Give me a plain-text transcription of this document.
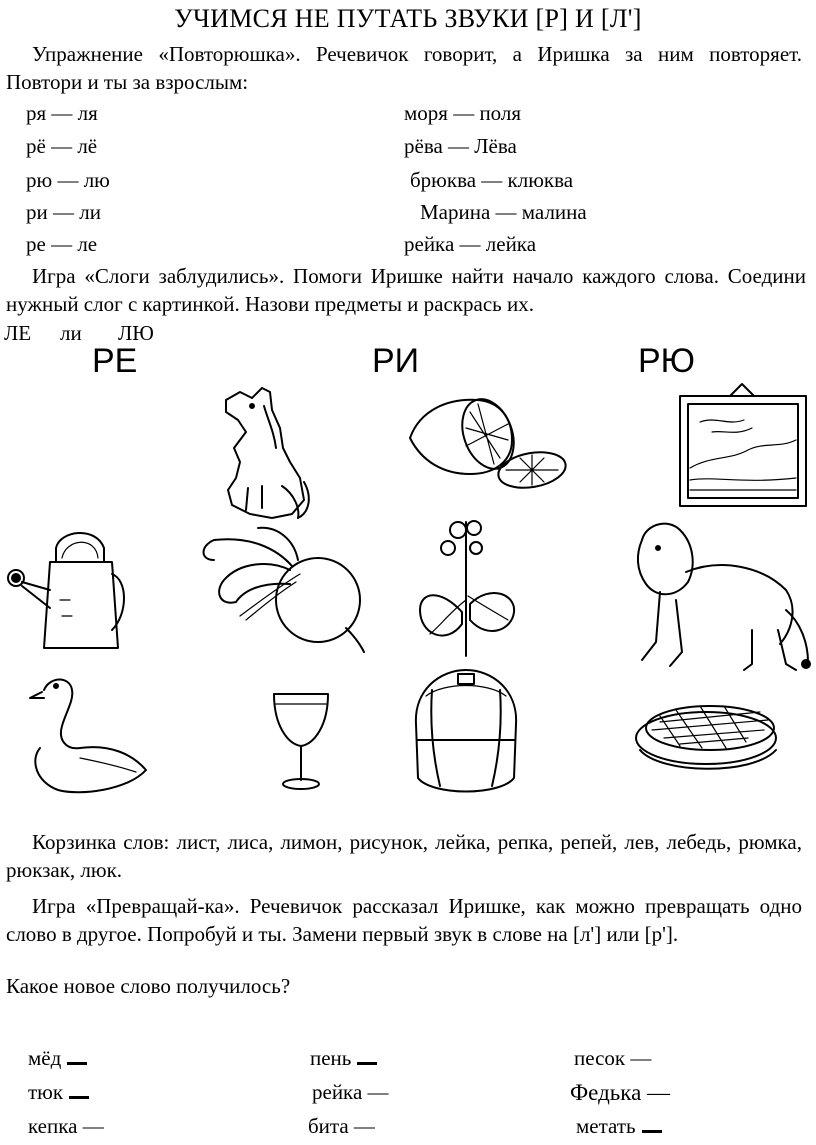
УЧИМСЯ НЕ ПУТАТЬ ЗВУКИ [Р] И [Л']
Упражнение «Повторюшка». Речевичок говорит, а Иришка за ним повторяет. Повтори и ты за взрослым:
ря — ля	моря — поля
рё — лё	рёва — Лёва
рю — лю	брюква — клюква
ри — ли	Марина — малина
ре — ле	рейка — лейка
Игра «Слоги заблудились». Помоги Иришке найти начало каждого слова. Соедини нужный слог с картинкой. Назови предметы и раскрась их.
ЛЕ ли ЛЮ
РЕ	РИ	РЮ
Корзинка слов: лист, лиса, лимон, рисунок, лейка, репка, репей, лев, лебедь, рюмка, рюкзак, люк.
Игра «Превращай-ка». Речевичок рассказал Иришке, как можно превращать одно слово в другое. Попробуй и ты. Замени первый звук в слове на [л'] или [р'].
Какое новое слово получилось?
мёд	пень	песок —
тюк	рейка —	Федька —
кепка —	бита —	метать
